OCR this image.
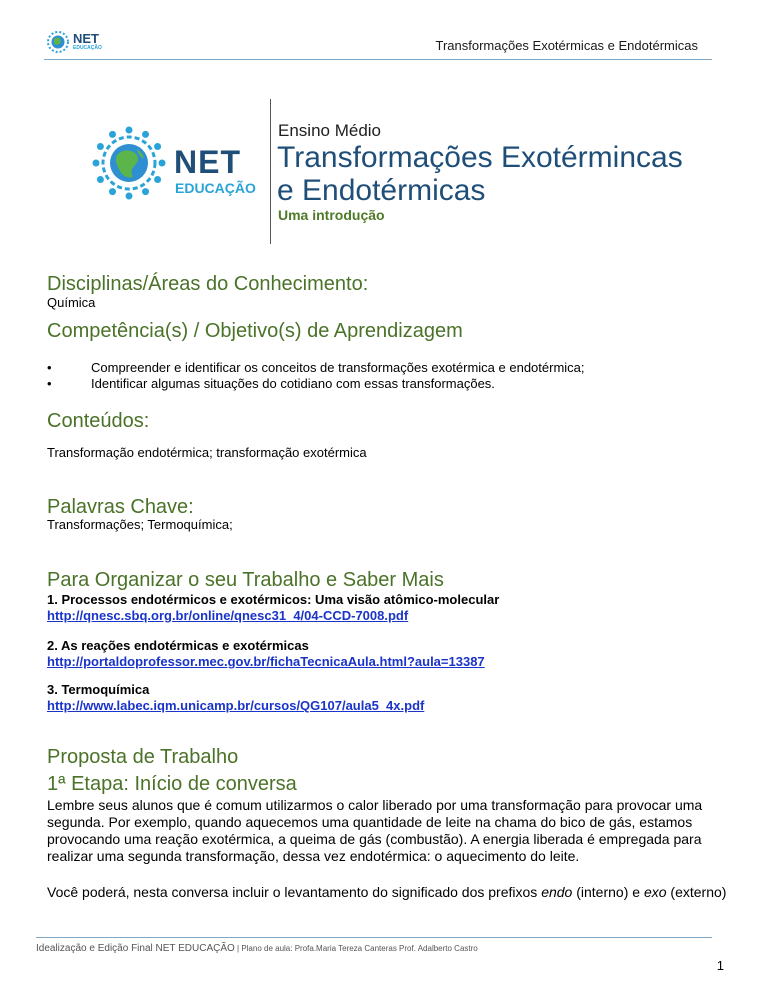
NET
EDUCAÇÃO	Transformações Exotérmicas e Endotérmicas
NET
EDUCAÇÃO
Ensino Médio
Transformações Exotérmincas
e Endotérmicas
Uma introdução
Disciplinas/Áreas do Conhecimento:
Química
Competência(s) / Objetivo(s) de Aprendizagem
• Compreender e identificar os conceitos de transformações exotérmica e endotérmica;
• Identificar algumas situações do cotidiano com essas transformações.
Conteúdos:
Transformação endotérmica; transformação exotérmica
Palavras Chave:
Transformações; Termoquímica;
Para Organizar o seu Trabalho e Saber Mais
1. Processos endotérmicos e exotérmicos: Uma visão atômico-molecular
http://qnesc.sbq.org.br/online/qnesc31_4/04-CCD-7008.pdf
2. As reações endotérmicas e exotérmicas
http://portaldoprofessor.mec.gov.br/fichaTecnicaAula.html?aula=13387
3. Termoquímica
http://www.labec.iqm.unicamp.br/cursos/QG107/aula5_4x.pdf
Proposta de Trabalho
1ª Etapa: Início de conversa
Lembre seus alunos que é comum utilizarmos o calor liberado por uma transformação para provocar uma segunda. Por exemplo, quando aquecemos uma quantidade de leite na chama do bico de gás, estamos provocando uma reação exotérmica, a queima de gás (combustão). A energia liberada é empregada para realizar uma segunda transformação, dessa vez endotérmica: o aquecimento do leite.
Você poderá, nesta conversa incluir o levantamento do significado dos prefixos endo (interno) e exo (externo)
Idealização e Edição Final NET EDUCAÇÃO | Plano de aula: Profa.Maria Tereza Canteras Prof. Adalberto Castro
1
